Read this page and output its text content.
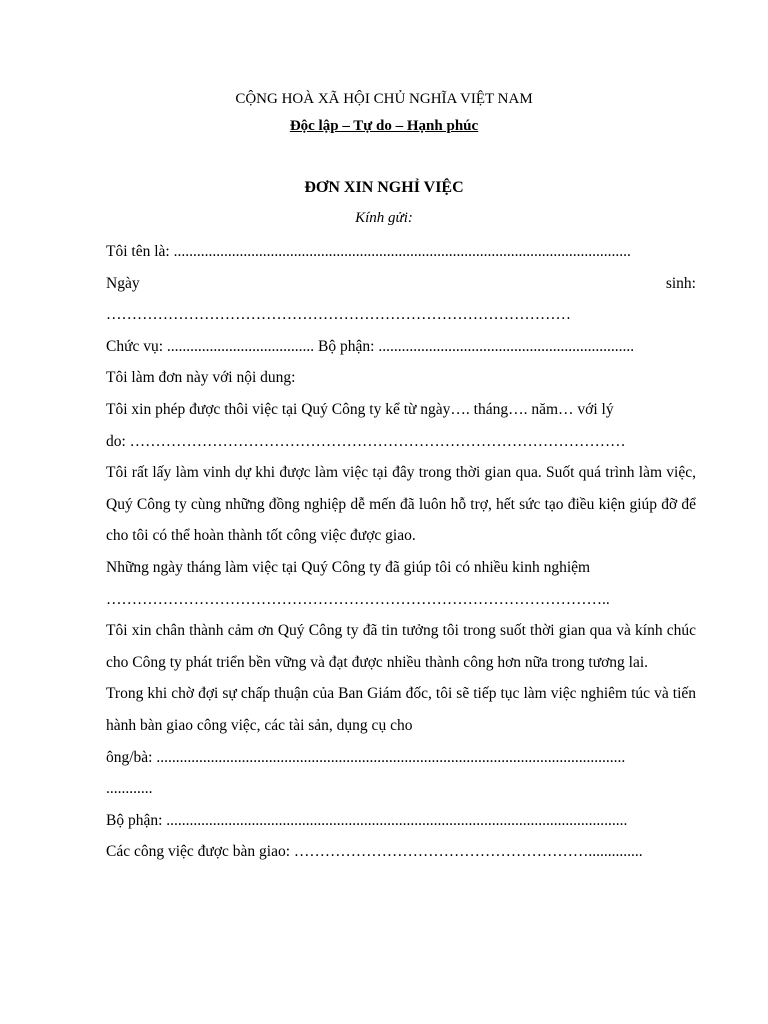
CỘNG HOÀ XÃ HỘI CHỦ NGHĨA VIỆT NAM
Độc lập – Tự do – Hạnh phúc
ĐƠN XIN NGHỈ VIỆC
Kính gửi:
Tôi tên là: ......................................................................................................................
Ngày	sinh:
………………………………………………………………………………
Chức vụ: ...................................... Bộ phận: ..................................................................
Tôi làm đơn này với nội dung:
Tôi xin phép được thôi việc tại Quý Công ty kể từ ngày…. tháng…. năm… với lý
do: ……………………………………………………………………………………
Tôi rất lấy làm vinh dự khi được làm việc tại đây trong thời gian qua. Suốt quá trình làm việc, Quý Công ty cùng những đồng nghiệp dễ mến đã luôn hỗ trợ, hết sức tạo điều kiện giúp đỡ để cho tôi có thể hoàn thành tốt công việc được giao.
Những ngày tháng làm việc tại Quý Công ty đã giúp tôi có nhiều kinh nghiệm
……………………………………………………………………………………..
Tôi xin chân thành cảm ơn Quý Công ty đã tin tưởng tôi trong suốt thời gian qua và kính chúc cho Công ty phát triển bền vững và đạt được nhiều thành công hơn nữa trong tương lai.
Trong khi chờ đợi sự chấp thuận của Ban Giám đốc, tôi sẽ tiếp tục làm việc nghiêm túc và tiến hành bàn giao công việc, các tài sản, dụng cụ cho
ông/bà: .........................................................................................................................
............
Bộ phận: .......................................................................................................................
Các công việc được bàn giao: …………………………………………………..............
